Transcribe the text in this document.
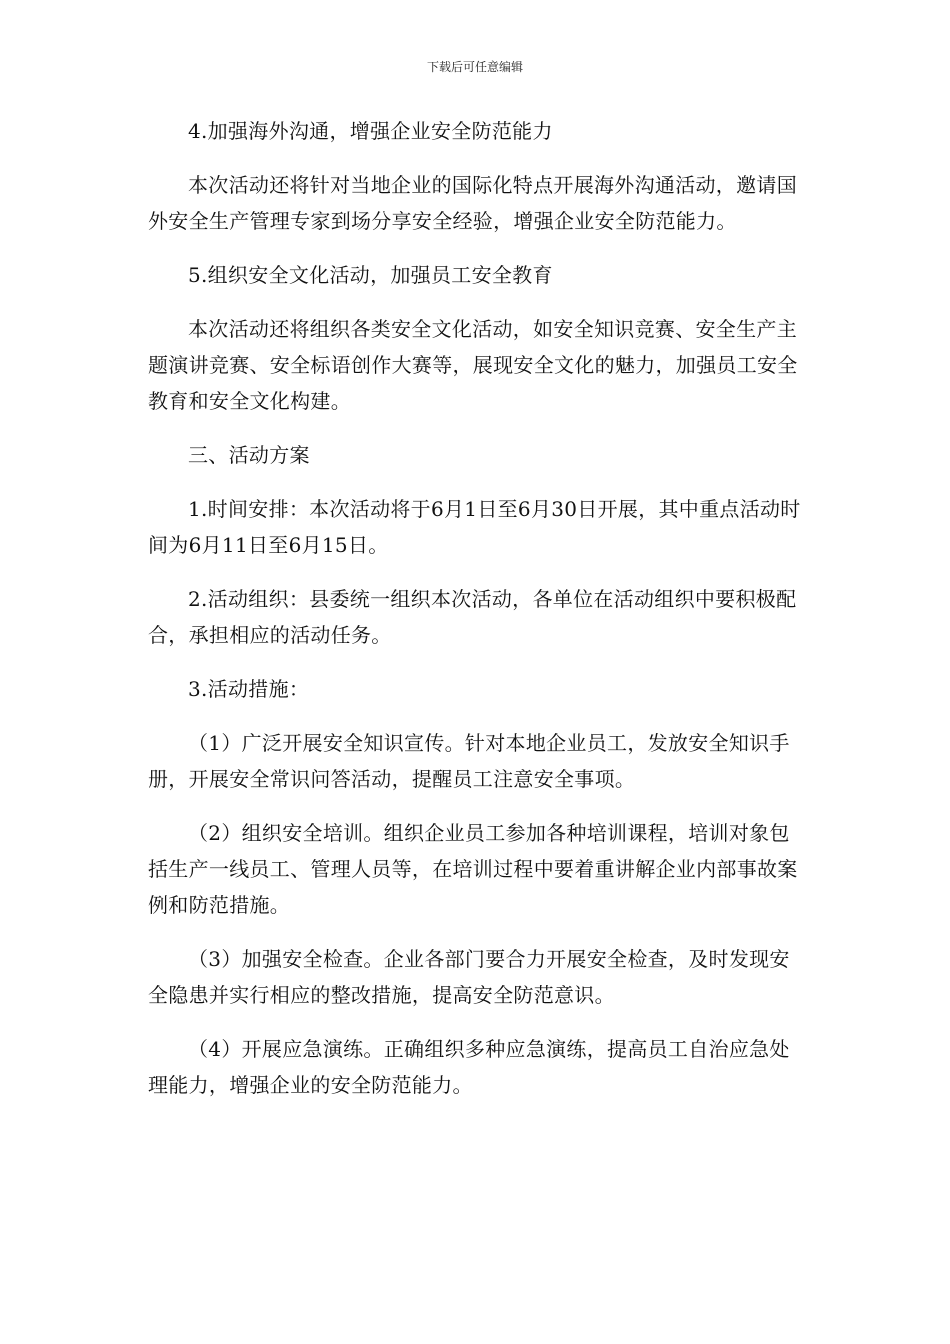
下载后可任意编辑

4.加强海外沟通，增强企业安全防范能力

本次活动还将针对当地企业的国际化特点开展海外沟通活动，邀请国外安全生产管理专家到场分享安全经验，增强企业安全防范能力。

5.组织安全文化活动，加强员工安全教育

本次活动还将组织各类安全文化活动，如安全知识竞赛、安全生产主题演讲竞赛、安全标语创作大赛等，展现安全文化的魅力，加强员工安全教育和安全文化构建。

三、活动方案

1.时间安排：本次活动将于6月1日至6月30日开展，其中重点活动时间为6月11日至6月15日。

2.活动组织：县委统一组织本次活动，各单位在活动组织中要积极配合，承担相应的活动任务。

3.活动措施：

（1）广泛开展安全知识宣传。针对本地企业员工，发放安全知识手册，开展安全常识问答活动，提醒员工注意安全事项。

（2）组织安全培训。组织企业员工参加各种培训课程，培训对象包括生产一线员工、管理人员等，在培训过程中要着重讲解企业内部事故案例和防范措施。

（3）加强安全检查。企业各部门要合力开展安全检查，及时发现安全隐患并实行相应的整改措施，提高安全防范意识。

（4）开展应急演练。正确组织多种应急演练，提高员工自治应急处理能力，增强企业的安全防范能力。
